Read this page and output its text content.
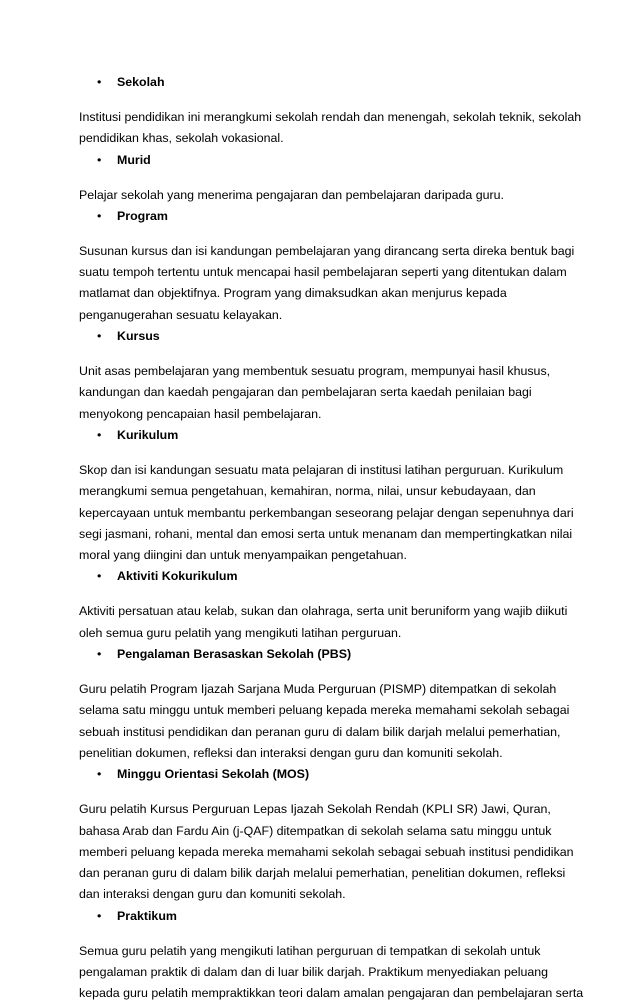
• Sekolah

Institusi pendidikan ini merangkumi sekolah rendah dan menengah, sekolah teknik, sekolah
pendidikan khas, sekolah vokasional.

• Murid

Pelajar sekolah yang menerima pengajaran dan pembelajaran daripada guru.

• Program

Susunan kursus dan isi kandungan pembelajaran yang dirancang serta direka bentuk bagi
suatu tempoh tertentu untuk mencapai hasil pembelajaran seperti yang ditentukan dalam
matlamat dan objektifnya. Program yang dimaksudkan akan menjurus kepada
penganugerahan sesuatu kelayakan.

• Kursus

Unit asas pembelajaran yang membentuk sesuatu program, mempunyai hasil khusus,
kandungan dan kaedah pengajaran dan pembelajaran serta kaedah penilaian bagi
menyokong pencapaian hasil pembelajaran.

• Kurikulum

Skop dan isi kandungan sesuatu mata pelajaran di institusi latihan perguruan. Kurikulum
merangkumi semua pengetahuan, kemahiran, norma, nilai, unsur kebudayaan, dan
kepercayaan untuk membantu perkembangan seseorang pelajar dengan sepenuhnya dari
segi jasmani, rohani, mental dan emosi serta untuk menanam dan mempertingkatkan nilai
moral yang diingini dan untuk menyampaikan pengetahuan.

• Aktiviti Kokurikulum

Aktiviti persatuan atau kelab, sukan dan olahraga, serta unit beruniform yang wajib diikuti
oleh semua guru pelatih yang mengikuti latihan perguruan.

• Pengalaman Berasaskan Sekolah (PBS)

Guru pelatih Program Ijazah Sarjana Muda Perguruan (PISMP) ditempatkan di sekolah
selama satu minggu untuk memberi peluang kepada mereka memahami sekolah sebagai
sebuah institusi pendidikan dan peranan guru di dalam bilik darjah melalui pemerhatian,
penelitian dokumen, refleksi dan interaksi dengan guru dan komuniti sekolah.

• Minggu Orientasi Sekolah (MOS)

Guru pelatih Kursus Perguruan Lepas Ijazah Sekolah Rendah (KPLI SR) Jawi, Quran,
bahasa Arab dan Fardu Ain (j-QAF) ditempatkan di sekolah selama satu minggu untuk
memberi peluang kepada mereka memahami sekolah sebagai sebuah institusi pendidikan
dan peranan guru di dalam bilik darjah melalui pemerhatian, penelitian dokumen, refleksi
dan interaksi dengan guru dan komuniti sekolah.

• Praktikum

Semua guru pelatih yang mengikuti latihan perguruan di tempatkan di sekolah untuk
pengalaman praktik di dalam dan di luar bilik darjah. Praktikum menyediakan peluang
kepada guru pelatih mempraktikkan teori dalam amalan pengajaran dan pembelajaran serta
